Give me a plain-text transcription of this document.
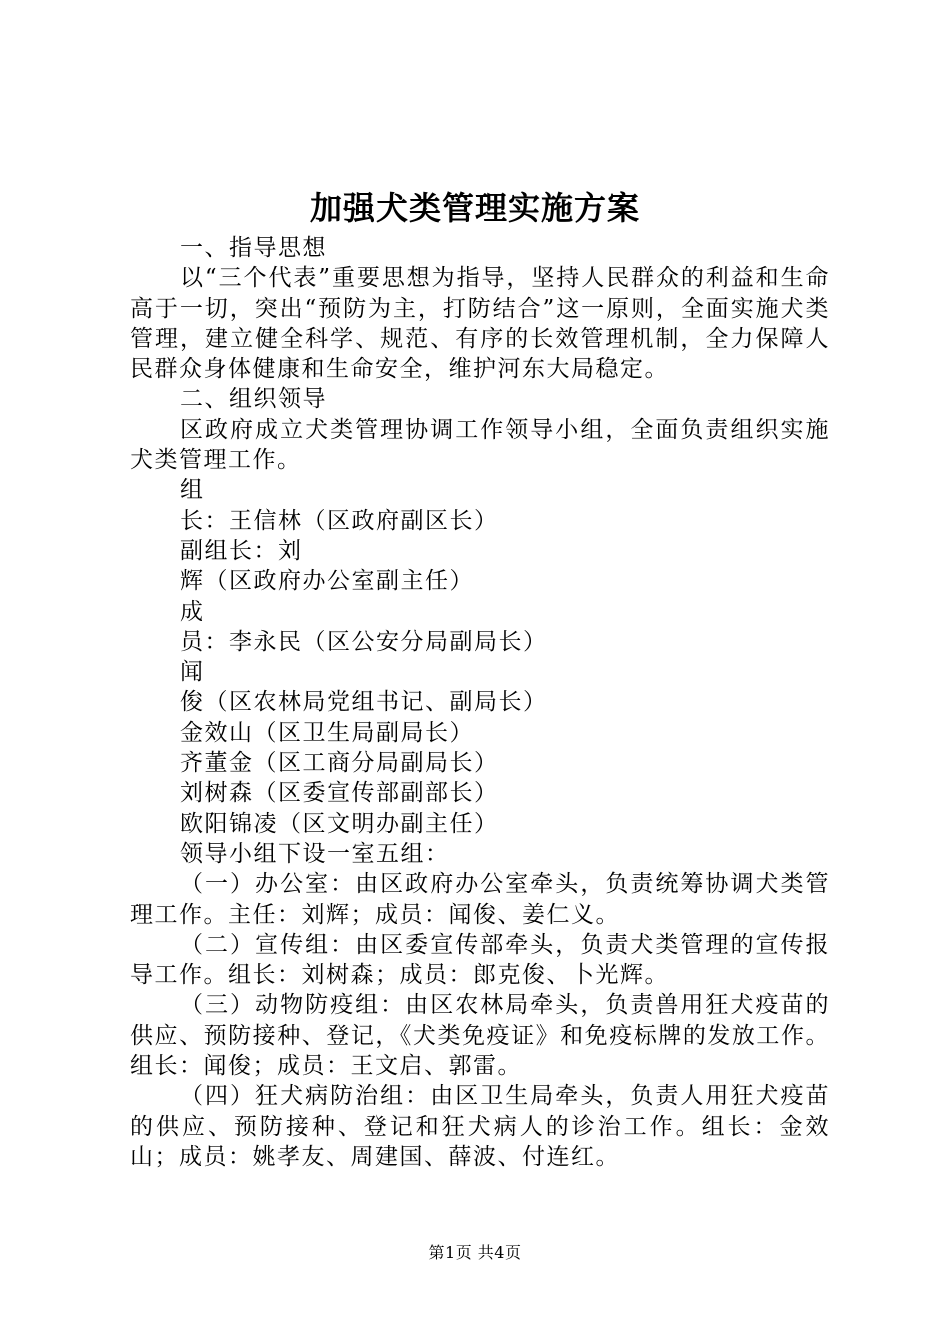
加强犬类管理实施方案

一、指导思想

以“三个代表”重要思想为指导，坚持人民群众的利益和生命高于一切，突出“预防为主，打防结合”这一原则，全面实施犬类管理，建立健全科学、规范、有序的长效管理机制，全力保障人民群众身体健康和生命安全，维护河东大局稳定。

二、组织领导

区政府成立犬类管理协调工作领导小组，全面负责组织实施犬类管理工作。

组

长：王信林（区政府副区长）

副组长：刘

辉（区政府办公室副主任）

成

员：李永民（区公安分局副局长）

闻

俊（区农林局党组书记、副局长）

金效山（区卫生局副局长）

齐董金（区工商分局副局长）

刘树森（区委宣传部副部长）

欧阳锦凌（区文明办副主任）

领导小组下设一室五组：

（一）办公室：由区政府办公室牵头，负责统筹协调犬类管理工作。主任：刘辉；成员：闻俊、姜仁义。

（二）宣传组：由区委宣传部牵头，负责犬类管理的宣传报导工作。组长：刘树森；成员：郎克俊、卜光辉。

（三）动物防疫组：由区农林局牵头，负责兽用狂犬疫苗的供应、预防接种、登记，《犬类免疫证》和免疫标牌的发放工作。组长：闻俊；成员：王文启、郭雷。

（四）狂犬病防治组：由区卫生局牵头，负责人用狂犬疫苗的供应、预防接种、登记和狂犬病人的诊治工作。组长：金效山；成员：姚孝友、周建国、薛波、付连红。

第1页 共4页
